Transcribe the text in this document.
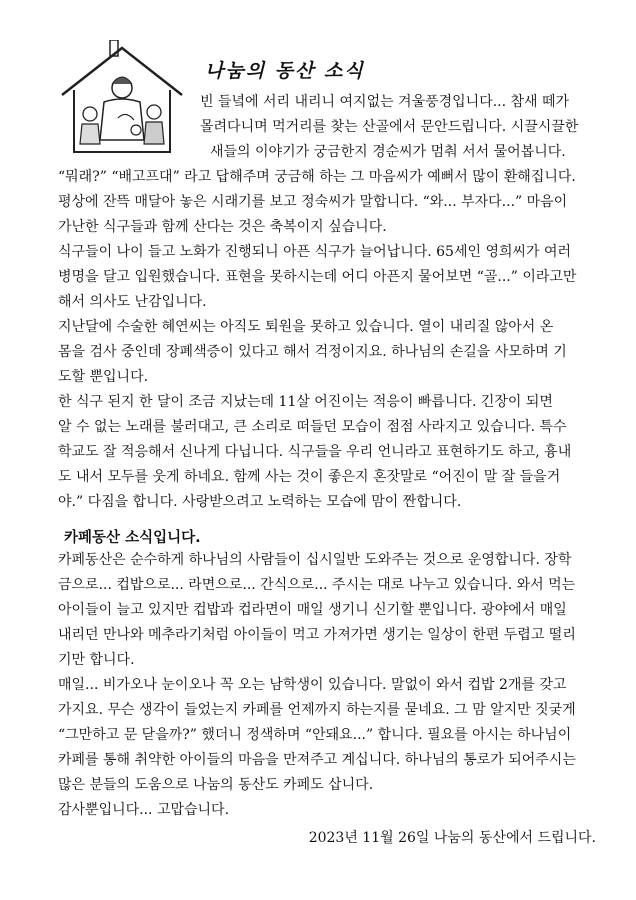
나눔의 동산 소식
빈 들녘에 서리 내리니 여지없는 겨울풍경입니다... 참새 떼가
몰려다니며 먹거리를 찾는 산골에서 문안드립니다. 시끌시끌한
새들의 이야기가 궁금한지 경순씨가 멈춰 서서 물어봅니다.
“뭐래?” “배고프대” 라고 답해주며 궁금해 하는 그 마음씨가 예뻐서 많이 환해집니다.
평상에 잔뜩 매달아 놓은 시래기를 보고 정숙씨가 말합니다. “와... 부자다...” 마음이
가난한 식구들과 함께 산다는 것은 축복이지 싶습니다.
식구들이 나이 들고 노화가 진행되니 아픈 식구가 늘어납니다. 65세인 영희씨가 여러
병명을 달고 입원했습니다. 표현을 못하시는데 어디 아픈지 물어보면 “골...” 이라고만
해서 의사도 난감입니다.
지난달에 수술한 혜연씨는 아직도 퇴원을 못하고 있습니다. 열이 내리질 않아서 온
몸을 검사 중인데 장폐색증이 있다고 해서 걱정이지요. 하나님의 손길을 사모하며 기
도할 뿐입니다.
한 식구 된지 한 달이 조금 지났는데 11살 어진이는 적응이 빠릅니다. 긴장이 되면
알 수 없는 노래를 불러대고, 큰 소리로 떠들던 모습이 점점 사라지고 있습니다. 특수
학교도 잘 적응해서 신나게 다닙니다. 식구들을 우리 언니라고 표현하기도 하고, 흉내
도 내서 모두를 웃게 하네요. 함께 사는 것이 좋은지 혼잣말로 “어진이 말 잘 들을거
야.” 다짐을 합니다. 사랑받으려고 노력하는 모습에 맘이 짠합니다.
카페동산 소식입니다.
카페동산은 순수하게 하나님의 사람들이 십시일반 도와주는 것으로 운영합니다. 장학
금으로... 컵밥으로... 라면으로... 간식으로... 주시는 대로 나누고 있습니다. 와서 먹는
아이들이 늘고 있지만 컵밥과 컵라면이 매일 생기니 신기할 뿐입니다. 광야에서 매일
내리던 만나와 메추라기처럼 아이들이 먹고 가져가면 생기는 일상이 한편 두렵고 떨리
기만 합니다.
매일... 비가오나 눈이오나 꼭 오는 남학생이 있습니다. 말없이 와서 컵밥 2개를 갖고
가지요. 무슨 생각이 들었는지 카페를 언제까지 하는지를 묻네요. 그 맘 알지만 짓궂게
“그만하고 문 닫을까?” 했더니 정색하며 “안돼요...” 합니다. 필요를 아시는 하나님이
카페를 통해 취약한 아이들의 마음을 만져주고 계십니다. 하나님의 통로가 되어주시는
많은 분들의 도움으로 나눔의 동산도 카페도 삽니다.
감사뿐입니다... 고맙습니다.
2023년 11월 26일 나눔의 동산에서 드립니다.
